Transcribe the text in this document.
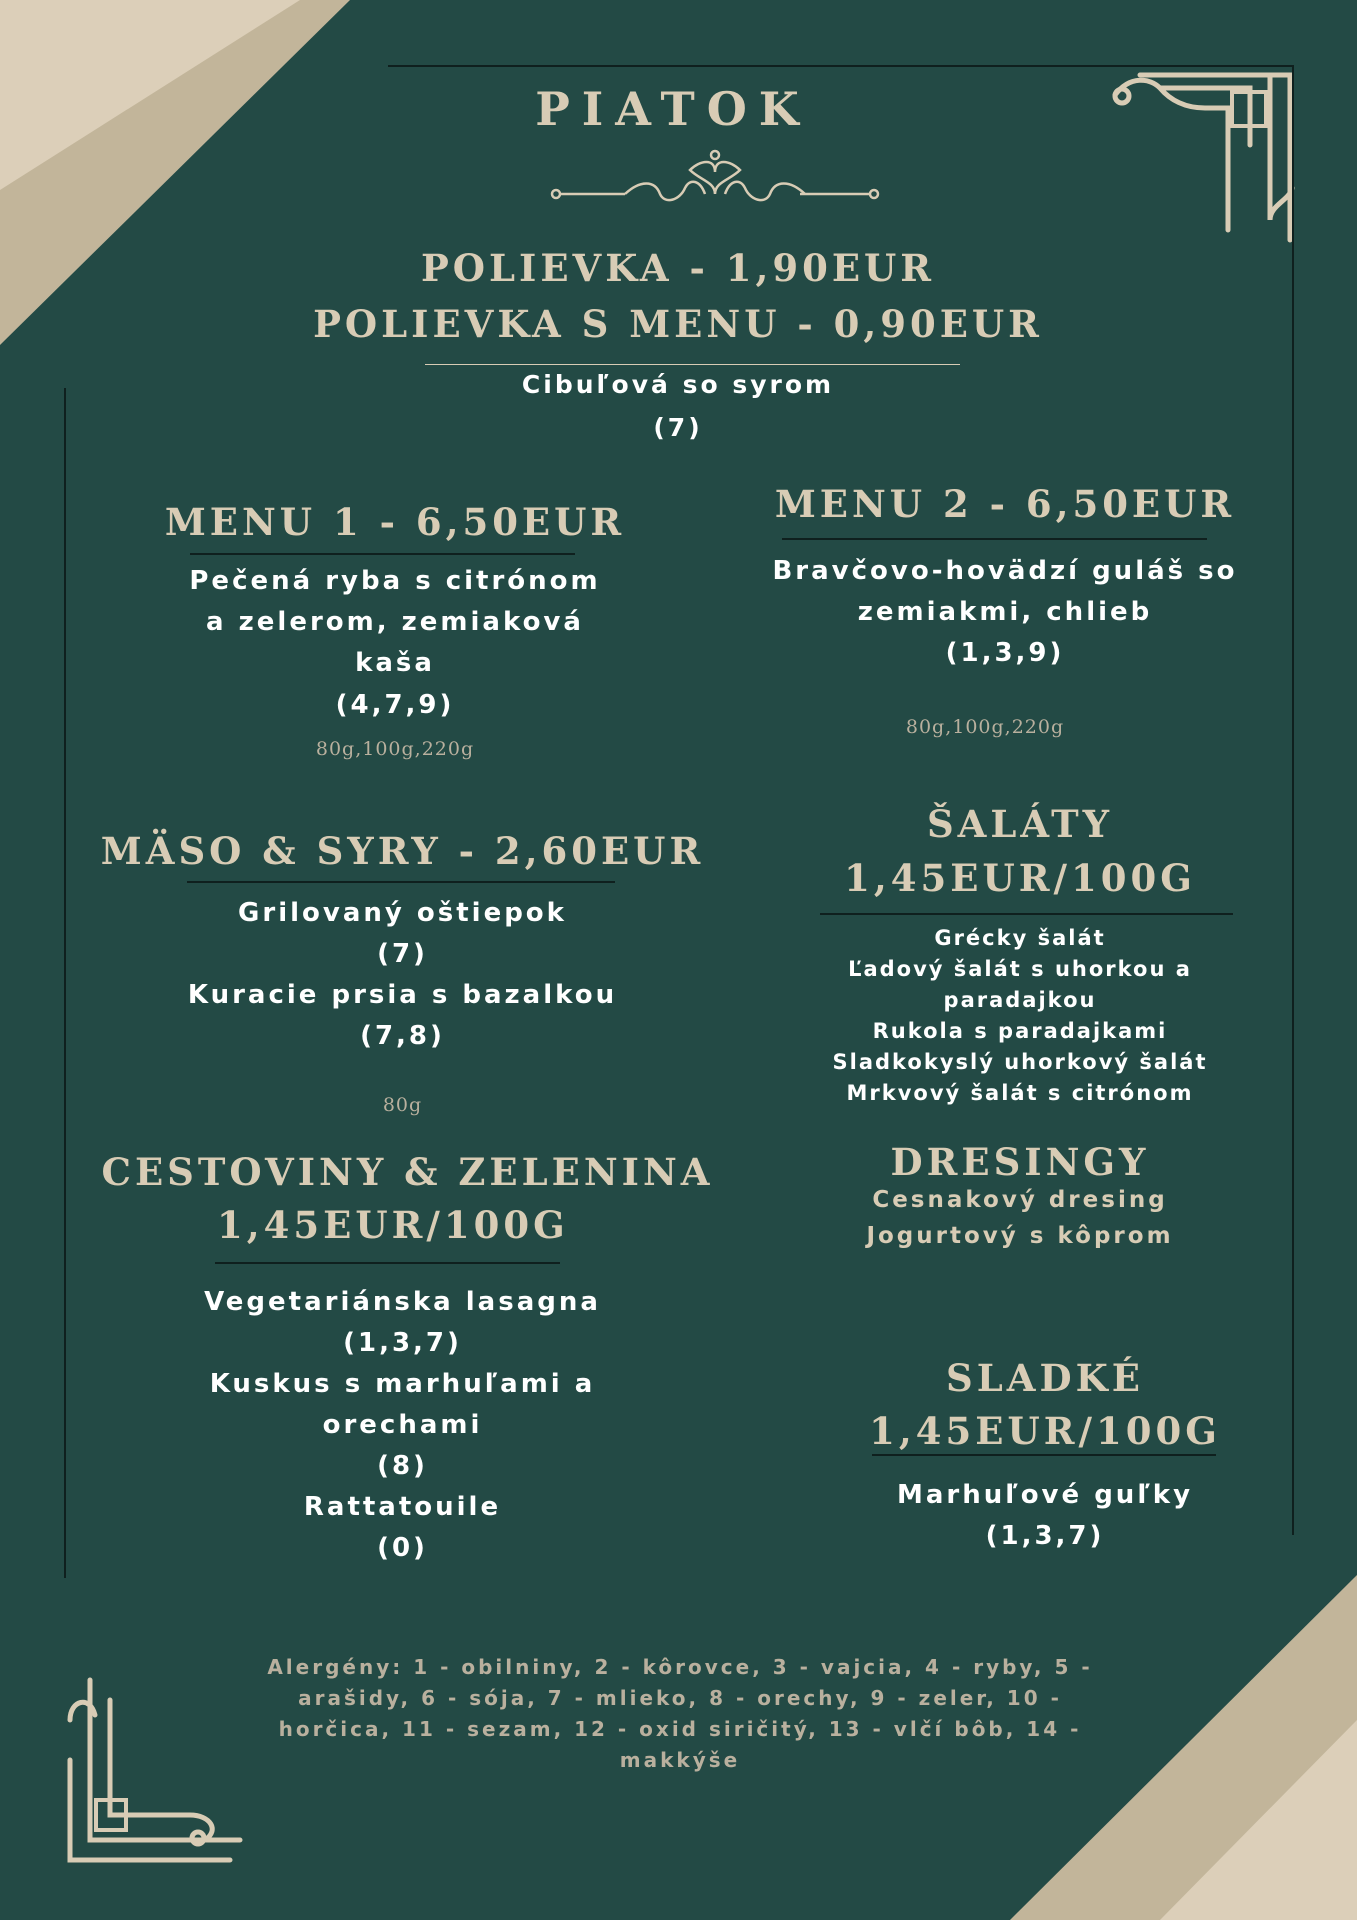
PIATOK
POLIEVKA - 1,90EUR
POLIEVKA S MENU - 0,90EUR
Cibuľová so syrom
(7)
MENU 1 - 6,50EUR
Pečená ryba s citrónom
a zelerom, zemiaková
kaša
(4,7,9)
80g,100g,220g
MENU 2 - 6,50EUR
Bravčovo-hovädzí guláš so
zemiakmi, chlieb
(1,3,9)
80g,100g,220g
MÄSO & SYRY - 2,60EUR
Grilovaný oštiepok
(7)
Kuracie prsia s bazalkou
(7,8)
80g
ŠALÁTY
1,45EUR/100G
Grécky šalát
Ľadový šalát s uhorkou a
paradajkou
Rukola s paradajkami
Sladkokyslý uhorkový šalát
Mrkvový šalát s citrónom
CESTOVINY & ZELENINA
1,45EUR/100G
Vegetariánska lasagna
(1,3,7)
Kuskus s marhuľami a
orechami
(8)
Rattatouile
(0)
DRESINGY
Cesnakový dresing
Jogurtový s kôprom
SLADKÉ
1,45EUR/100G
Marhuľové guľky
(1,3,7)
Alergény: 1 - obilniny, 2 - kôrovce, 3 - vajcia, 4 - ryby, 5 -
arašidy, 6 - sója, 7 - mlieko, 8 - orechy, 9 - zeler, 10 -
horčica, 11 - sezam, 12 - oxid siričitý, 13 - vlčí bôb, 14 -
makkýše
